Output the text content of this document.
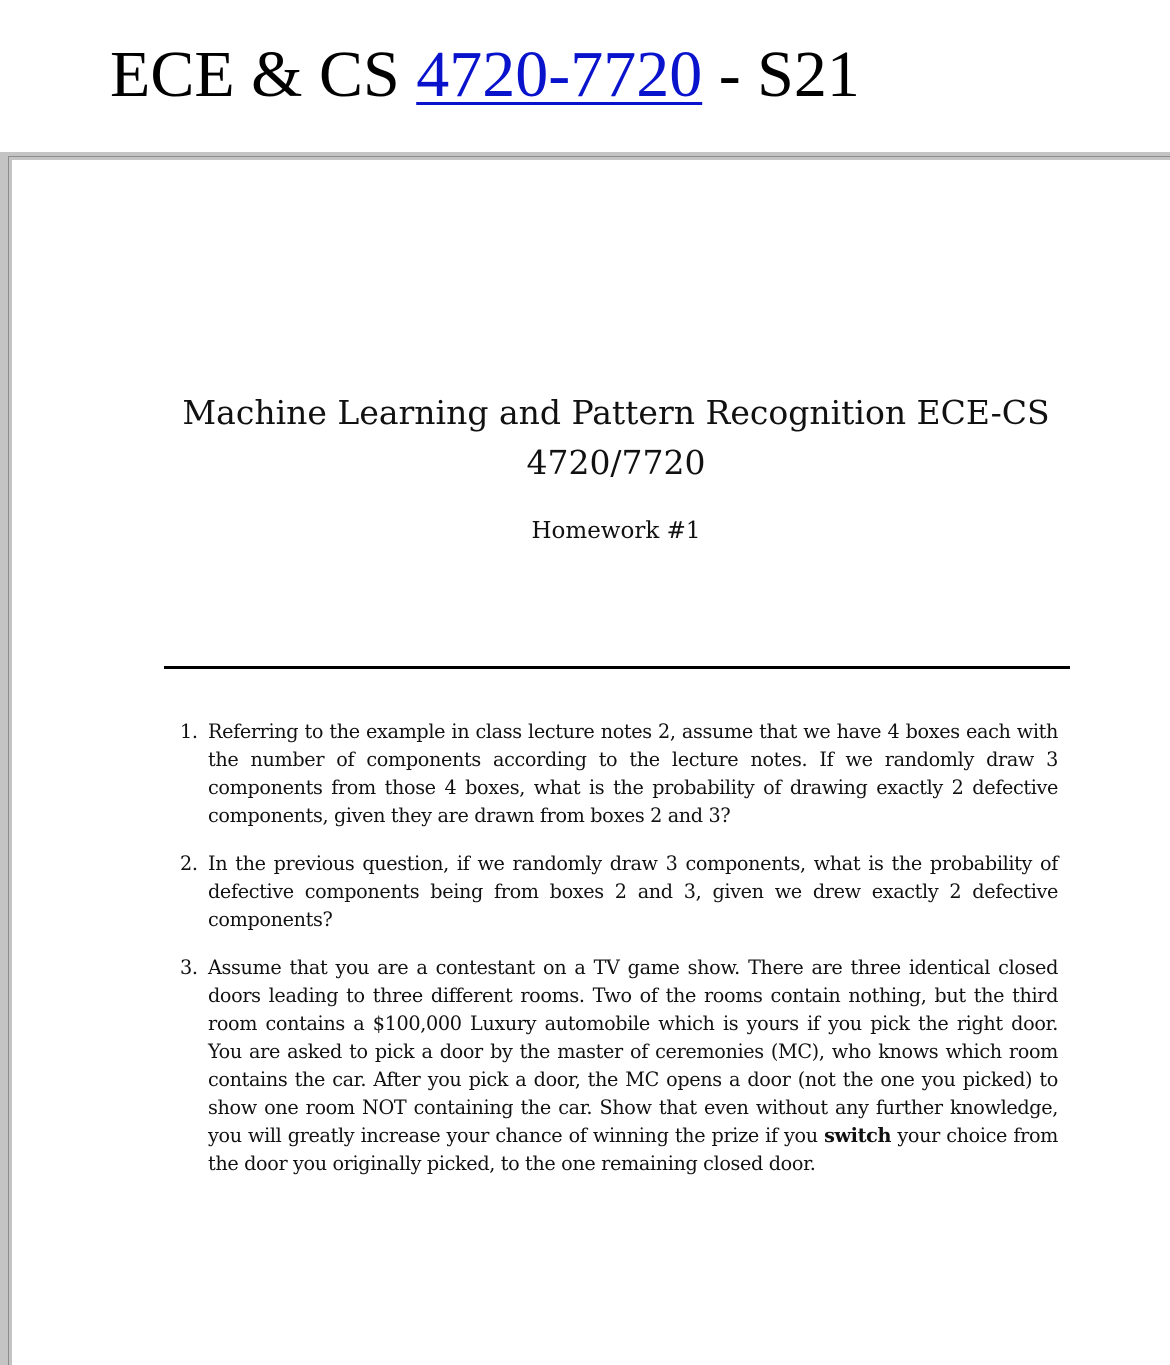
ECE & CS 4720-7720 - S21
Machine Learning and Pattern Recognition ECE-CS 4720/7720
Homework #1
1. Referring to the example in class lecture notes 2, assume that we have 4 boxes each with the number of components according to the lecture notes. If we randomly draw 3 components from those 4 boxes, what is the probability of drawing exactly 2 defective components, given they are drawn from boxes 2 and 3?
2. In the previous question, if we randomly draw 3 components, what is the probability of defective components being from boxes 2 and 3, given we drew exactly 2 defective components?
3. Assume that you are a contestant on a TV game show. There are three identical closed doors leading to three different rooms. Two of the rooms contain nothing, but the third room contains a $100,000 Luxury automobile which is yours if you pick the right door. You are asked to pick a door by the master of ceremonies (MC), who knows which room contains the car. After you pick a door, the MC opens a door (not the one you picked) to show one room NOT containing the car. Show that even without any further knowledge, you will greatly increase your chance of winning the prize if you switch your choice from the door you originally picked, to the one remaining closed door.
